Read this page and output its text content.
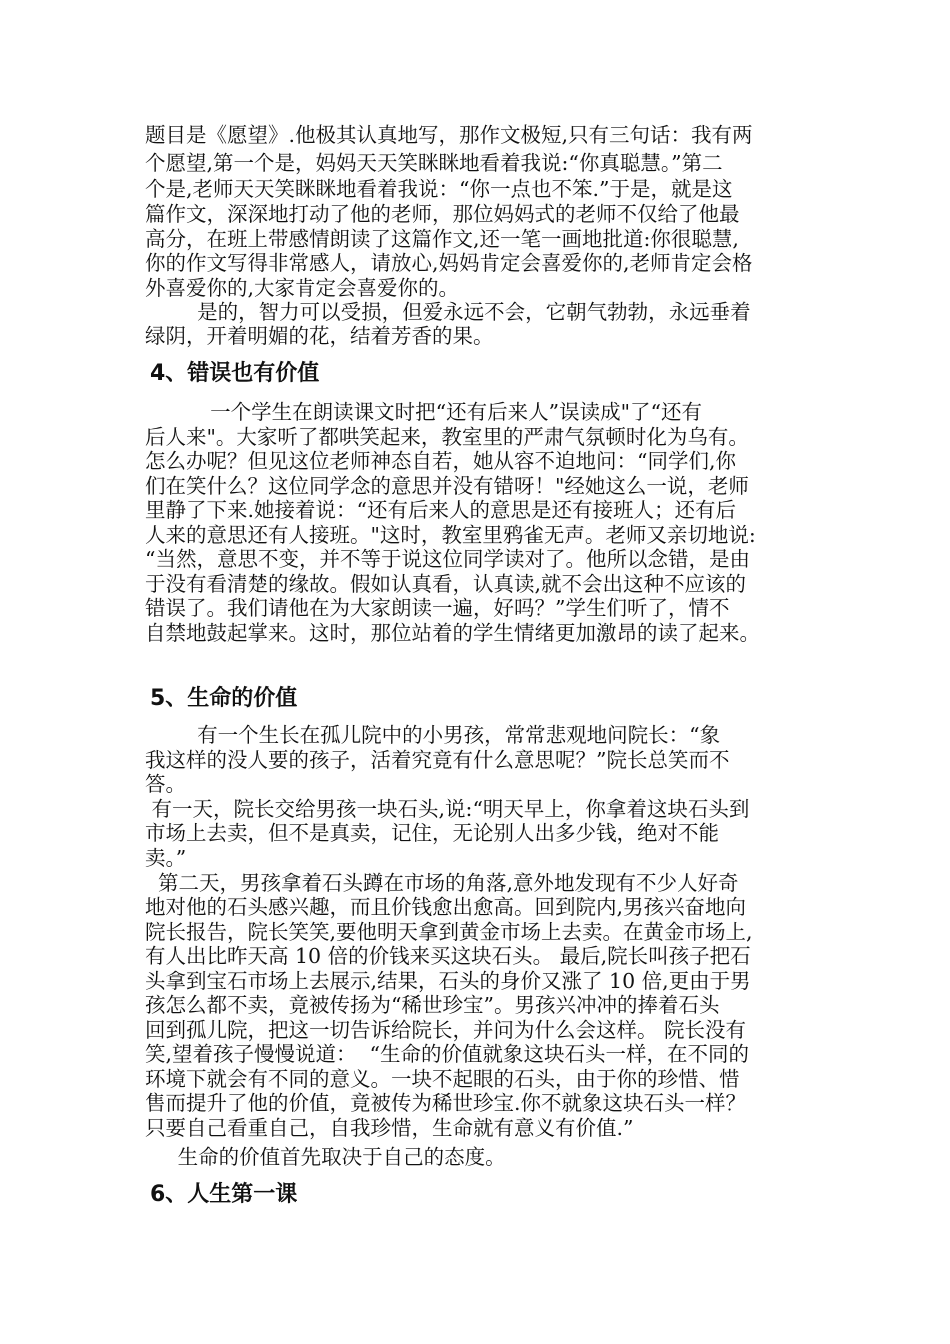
题目是《愿望》.他极其认真地写，那作文极短,只有三句话：我有两
个愿望,第一个是，妈妈天天笑眯眯地看着我说:“你真聪慧。”第二
个是,老师天天笑眯眯地看着我说：“你一点也不笨.”于是，就是这
篇作文，深深地打动了他的老师，那位妈妈式的老师不仅给了他最
高分，在班上带感情朗读了这篇作文,还一笔一画地批道:你很聪慧,
你的作文写得非常感人，请放心,妈妈肯定会喜爱你的,老师肯定会格
外喜爱你的,大家肯定会喜爱你的。
是的，智力可以受损，但爱永远不会，它朝气勃勃，永远垂着
绿阴，开着明媚的花，结着芳香的果。
4、错误也有价值
一个学生在朗读课文时把“还有后来人”误读成"了“还有
后人来"。大家听了都哄笑起来，教室里的严肃气氛顿时化为乌有。
怎么办呢？但见这位老师神态自若，她从容不迫地问：“同学们,你
们在笑什么？这位同学念的意思并没有错呀！"经她这么一说，老师
里静了下来.她接着说：“还有后来人的意思是还有接班人；还有后
人来的意思还有人接班。"这时，教室里鸦雀无声。老师又亲切地说:
“当然，意思不变，并不等于说这位同学读对了。他所以念错，是由
于没有看清楚的缘故。假如认真看，认真读,就不会出这种不应该的
错误了。我们请他在为大家朗读一遍，好吗？”学生们听了，情不
自禁地鼓起掌来。这时，那位站着的学生情绪更加激昂的读了起来。
5、生命的价值
有一个生长在孤儿院中的小男孩，常常悲观地问院长：“象
我这样的没人要的孩子，活着究竟有什么意思呢？”院长总笑而不
答。
有一天，院长交给男孩一块石头,说:“明天早上，你拿着这块石头到
市场上去卖，但不是真卖，记住，无论别人出多少钱，绝对不能
卖。”
第二天，男孩拿着石头蹲在市场的角落,意外地发现有不少人好奇
地对他的石头感兴趣，而且价钱愈出愈高。回到院内,男孩兴奋地向
院长报告，院长笑笑,要他明天拿到黄金市场上去卖。在黄金市场上,
有人出比昨天高 10 倍的价钱来买这块石头。 最后,院长叫孩子把石
头拿到宝石市场上去展示,结果，石头的身价又涨了 10 倍,更由于男
孩怎么都不卖，竟被传扬为“稀世珍宝”。男孩兴冲冲的捧着石头
回到孤儿院，把这一切告诉给院长，并问为什么会这样。 院长没有
笑,望着孩子慢慢说道：  “生命的价值就象这块石头一样，在不同的
环境下就会有不同的意义。一块不起眼的石头，由于你的珍惜、惜
售而提升了他的价值，竟被传为稀世珍宝.你不就象这块石头一样？
只要自己看重自己，自我珍惜，生命就有意义有价值.”
生命的价值首先取决于自己的态度。
6、人生第一课
